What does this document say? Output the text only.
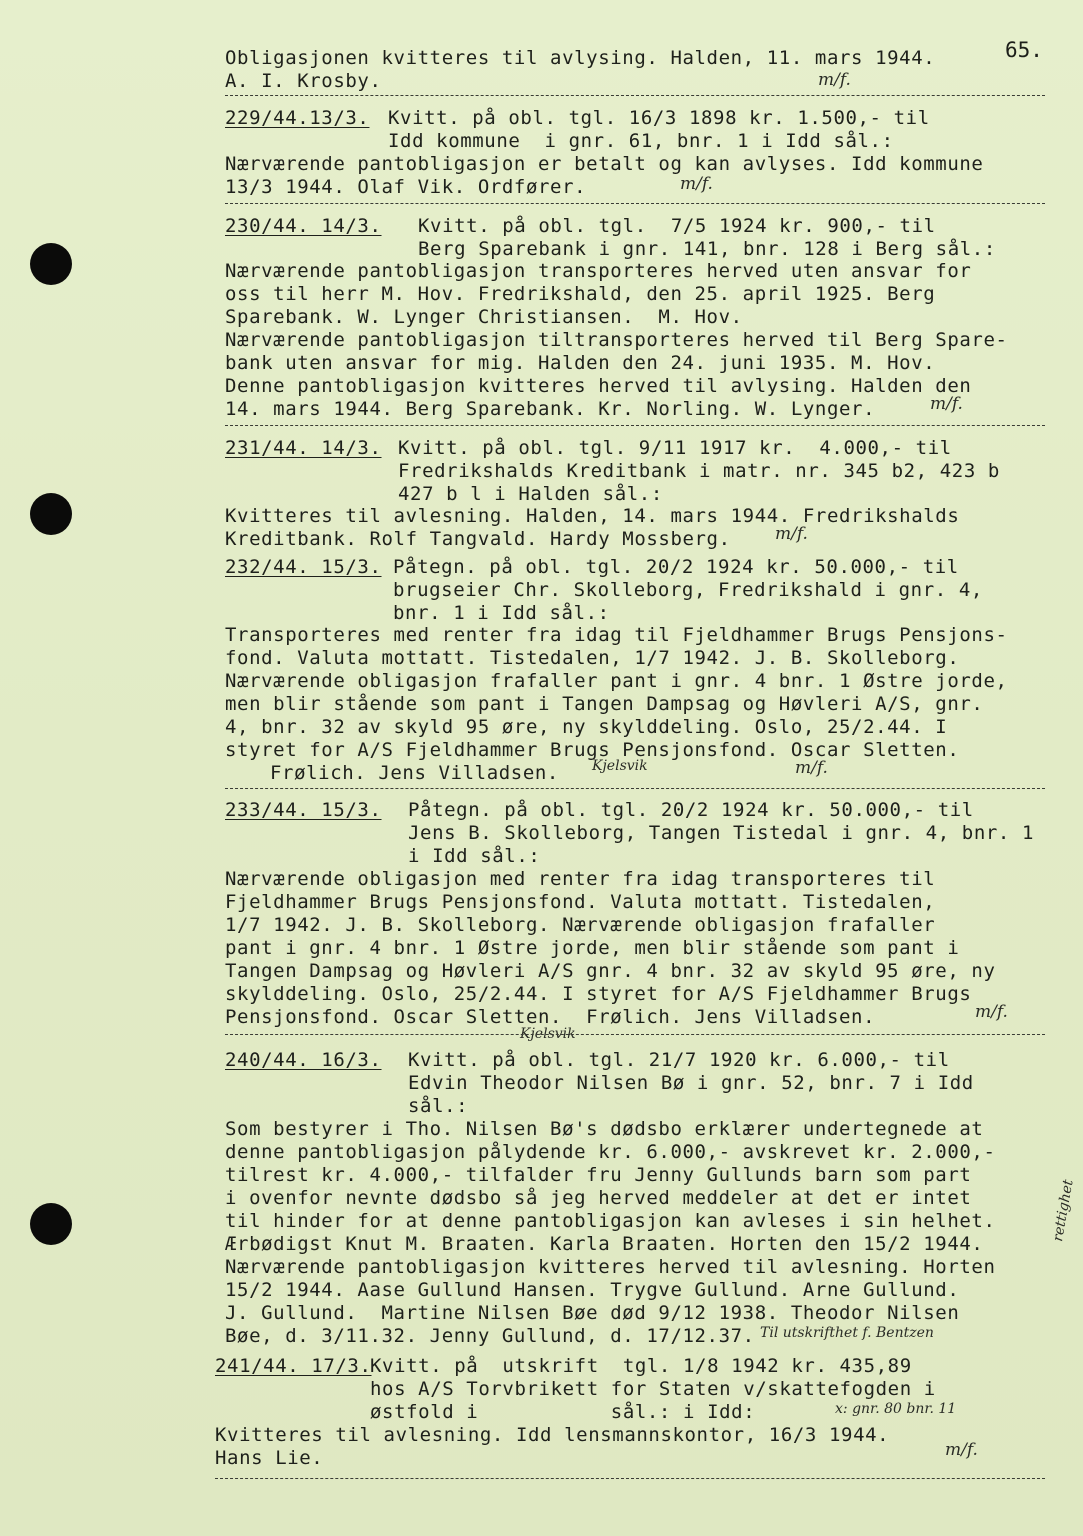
65.
Obligasjonen kvitteres til avlysing. Halden, 11. mars 1944.
A. I. Krosby.	m/f.
229/44.13/3. Kvitt. på obl. tgl. 16/3 1898 kr. 1.500,- til
Idd kommune  i gnr. 61, bnr. 1 i Idd sål.:
Nærværende pantobligasjon er betalt og kan avlyses. Idd kommune
13/3 1944. Olaf Vik. Ordfører.	m/f.
230/44. 14/3. Kvitt. på obl. tgl.  7/5 1924 kr. 900,- til
Berg Sparebank i gnr. 141, bnr. 128 i Berg sål.:
Nærværende pantobligasjon transporteres herved uten ansvar for
oss til herr M. Hov. Fredrikshald, den 25. april 1925. Berg
Sparebank. W. Lynger Christiansen.  M. Hov.
Nærværende pantobligasjon tiltransporteres herved til Berg Spare-
bank uten ansvar for mig. Halden den 24. juni 1935. M. Hov.
Denne pantobligasjon kvitteres herved til avlysing. Halden den
14. mars 1944. Berg Sparebank. Kr. Norling. W. Lynger.	m/f.
231/44. 14/3. Kvitt. på obl. tgl. 9/11 1917 kr.  4.000,- til
Fredrikshalds Kreditbank i matr. nr. 345 b2, 423 b
427 b l i Halden sål.:
Kvitteres til avlesning. Halden, 14. mars 1944. Fredrikshalds
Kreditbank. Rolf Tangvald. Hardy Mossberg.	m/f.
232/44. 15/3. Påtegn. på obl. tgl. 20/2 1924 kr. 50.000,- til
brugseier Chr. Skolleborg, Fredrikshald i gnr. 4,
bnr. 1 i Idd sål.:
Transporteres med renter fra idag til Fjeldhammer Brugs Pensjons-
fond. Valuta mottatt. Tistedalen, 1/7 1942. J. B. Skolleborg.
Nærværende obligasjon frafaller pant i gnr. 4 bnr. 1 Østre jorde,
men blir stående som pant i Tangen Dampsag og Høvleri A/S, gnr.
4, bnr. 32 av skyld 95 øre, ny skylddeling. Oslo, 25/2.44. I
styret for A/S Fjeldhammer Brugs Pensjonsfond. Oscar Sletten.
Frølich. Jens Villadsen. Kjelsvik	m/f.
233/44. 15/3. Påtegn. på obl. tgl. 20/2 1924 kr. 50.000,- til
Jens B. Skolleborg, Tangen Tistedal i gnr. 4, bnr. 1
i Idd sål.:
Nærværende obligasjon med renter fra idag transporteres til
Fjeldhammer Brugs Pensjonsfond. Valuta mottatt. Tistedalen,
1/7 1942. J. B. Skolleborg. Nærværende obligasjon frafaller
pant i gnr. 4 bnr. 1 Østre jorde, men blir stående som pant i
Tangen Dampsag og Høvleri A/S gnr. 4 bnr. 32 av skyld 95 øre, ny
skylddeling. Oslo, 25/2.44. I styret for A/S Fjeldhammer Brugs
Pensjonsfond. Oscar Sletten.  Frølich. Jens Villadsen.	m/f.
Kjelsvik
240/44. 16/3. Kvitt. på obl. tgl. 21/7 1920 kr. 6.000,- til
Edvin Theodor Nilsen Bø i gnr. 52, bnr. 7 i Idd
sål.:
Som bestyrer i Tho. Nilsen Bø's dødsbo erklærer undertegnede at
denne pantobligasjon pålydende kr. 6.000,- avskrevet kr. 2.000,-
tilrest kr. 4.000,- tilfalder fru Jenny Gullunds barn som part
i ovenfor nevnte dødsbo så jeg herved meddeler at det er intet
til hinder for at denne pantobligasjon kan avleses i sin helhet.
Ærbødigst Knut M. Braaten. Karla Braaten. Horten den 15/2 1944.
Nærværende pantobligasjon kvitteres herved til avlesning. Horten
15/2 1944. Aase Gullund Hansen. Trygve Gullund. Arne Gullund.
J. Gullund.  Martine Nilsen Bøe død 9/12 1938. Theodor Nilsen
Bøe, d. 3/11.32. Jenny Gullund, d. 17/12.37. Til utskrifthet f. Bentzen
rettighet
241/44. 17/3.
Kvitt. på  utskrift  tgl. 1/8 1942 kr. 435,89
hos A/S Torvbrikett for Staten v/skattefogden i
østfold i           sål.: i Idd:	x: gnr. 80 bnr. 11
Kvitteres til avlesning. Idd lensmannskontor, 16/3 1944.
Hans Lie.	m/f.
